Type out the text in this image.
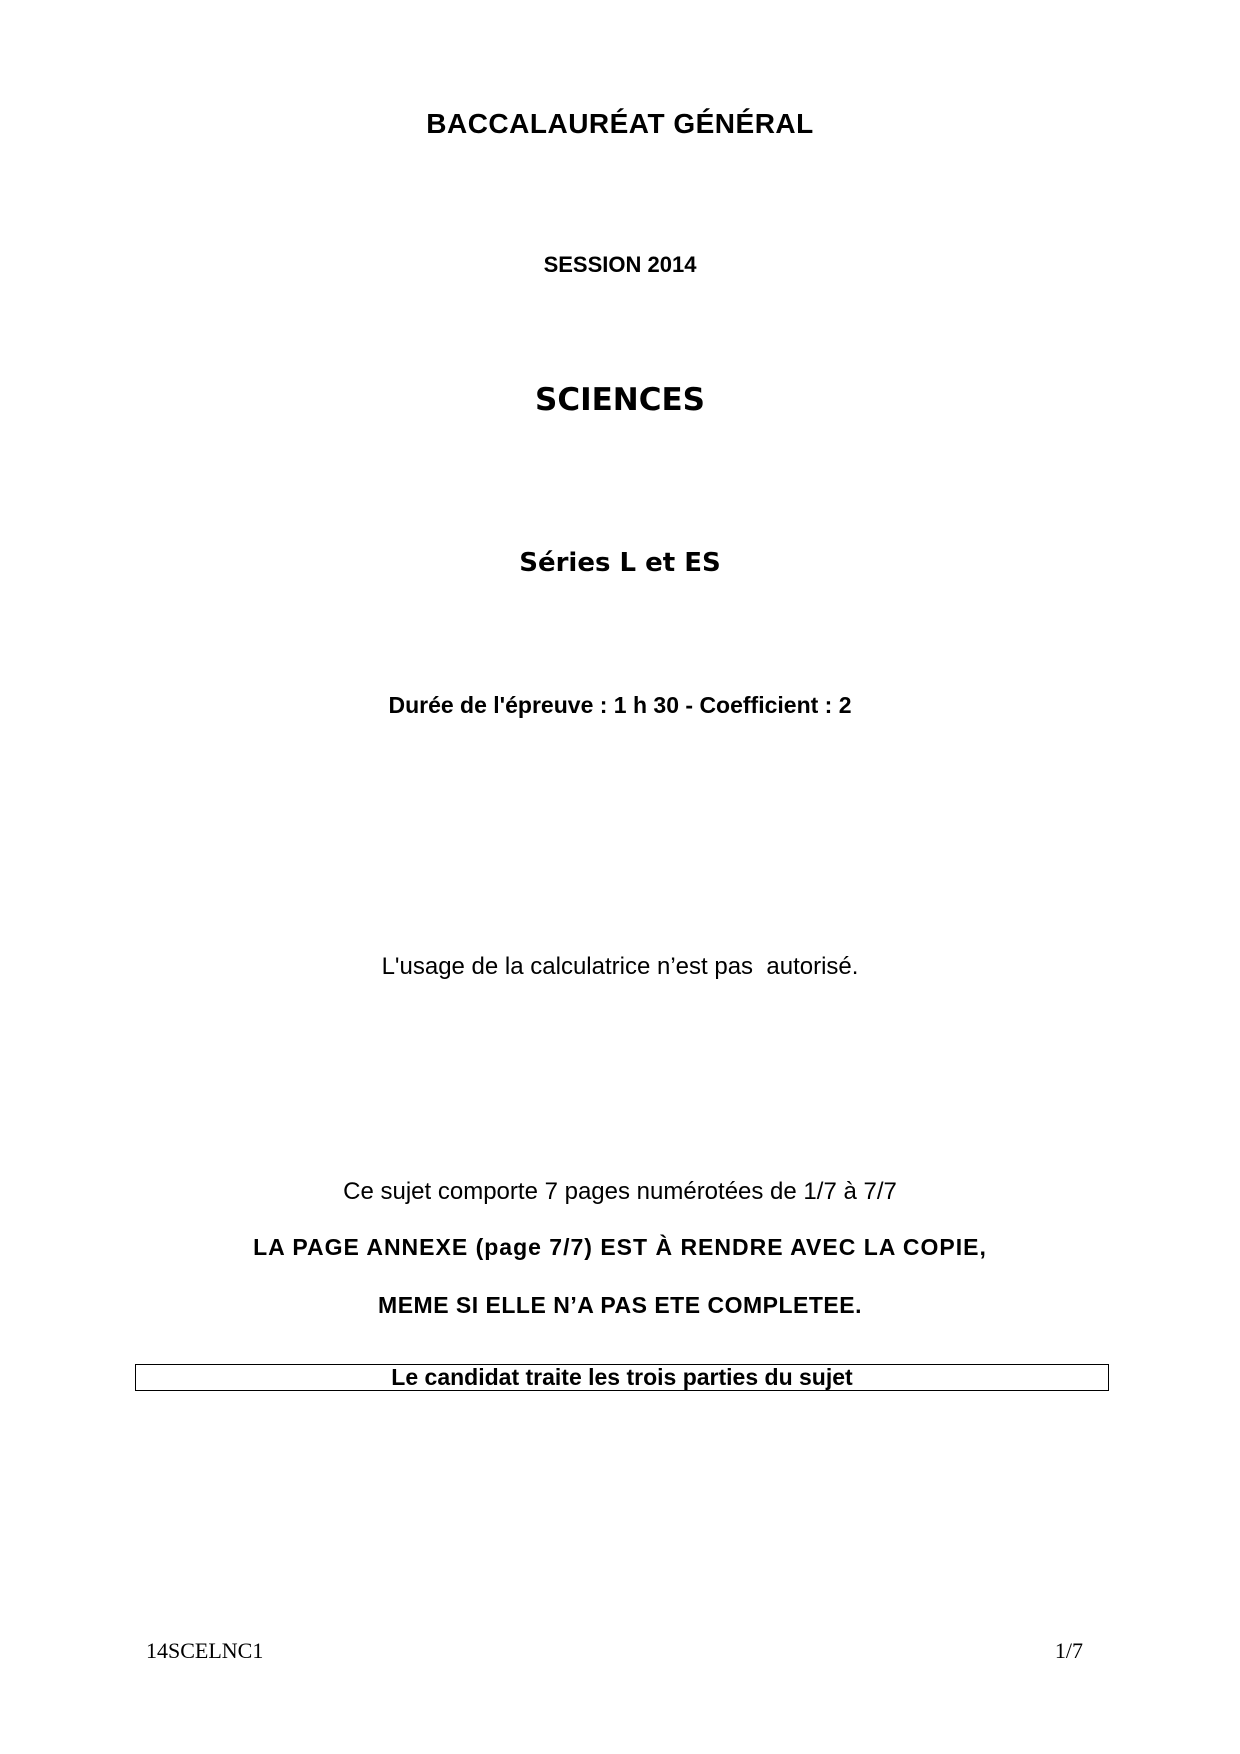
BACCALAURÉAT GÉNÉRAL
SESSION 2014
SCIENCES
Séries L et ES
Durée de l'épreuve : 1 h 30 - Coefficient : 2
L'usage de la calculatrice n’est pas  autorisé.
Ce sujet comporte 7 pages numérotées de 1/7 à 7/7
LA PAGE ANNEXE (page 7/7) EST À RENDRE AVEC LA COPIE,
MEME SI ELLE N’A PAS ETE COMPLETEE.
Le candidat traite les trois parties du sujet
14SCELNC1	1/7
